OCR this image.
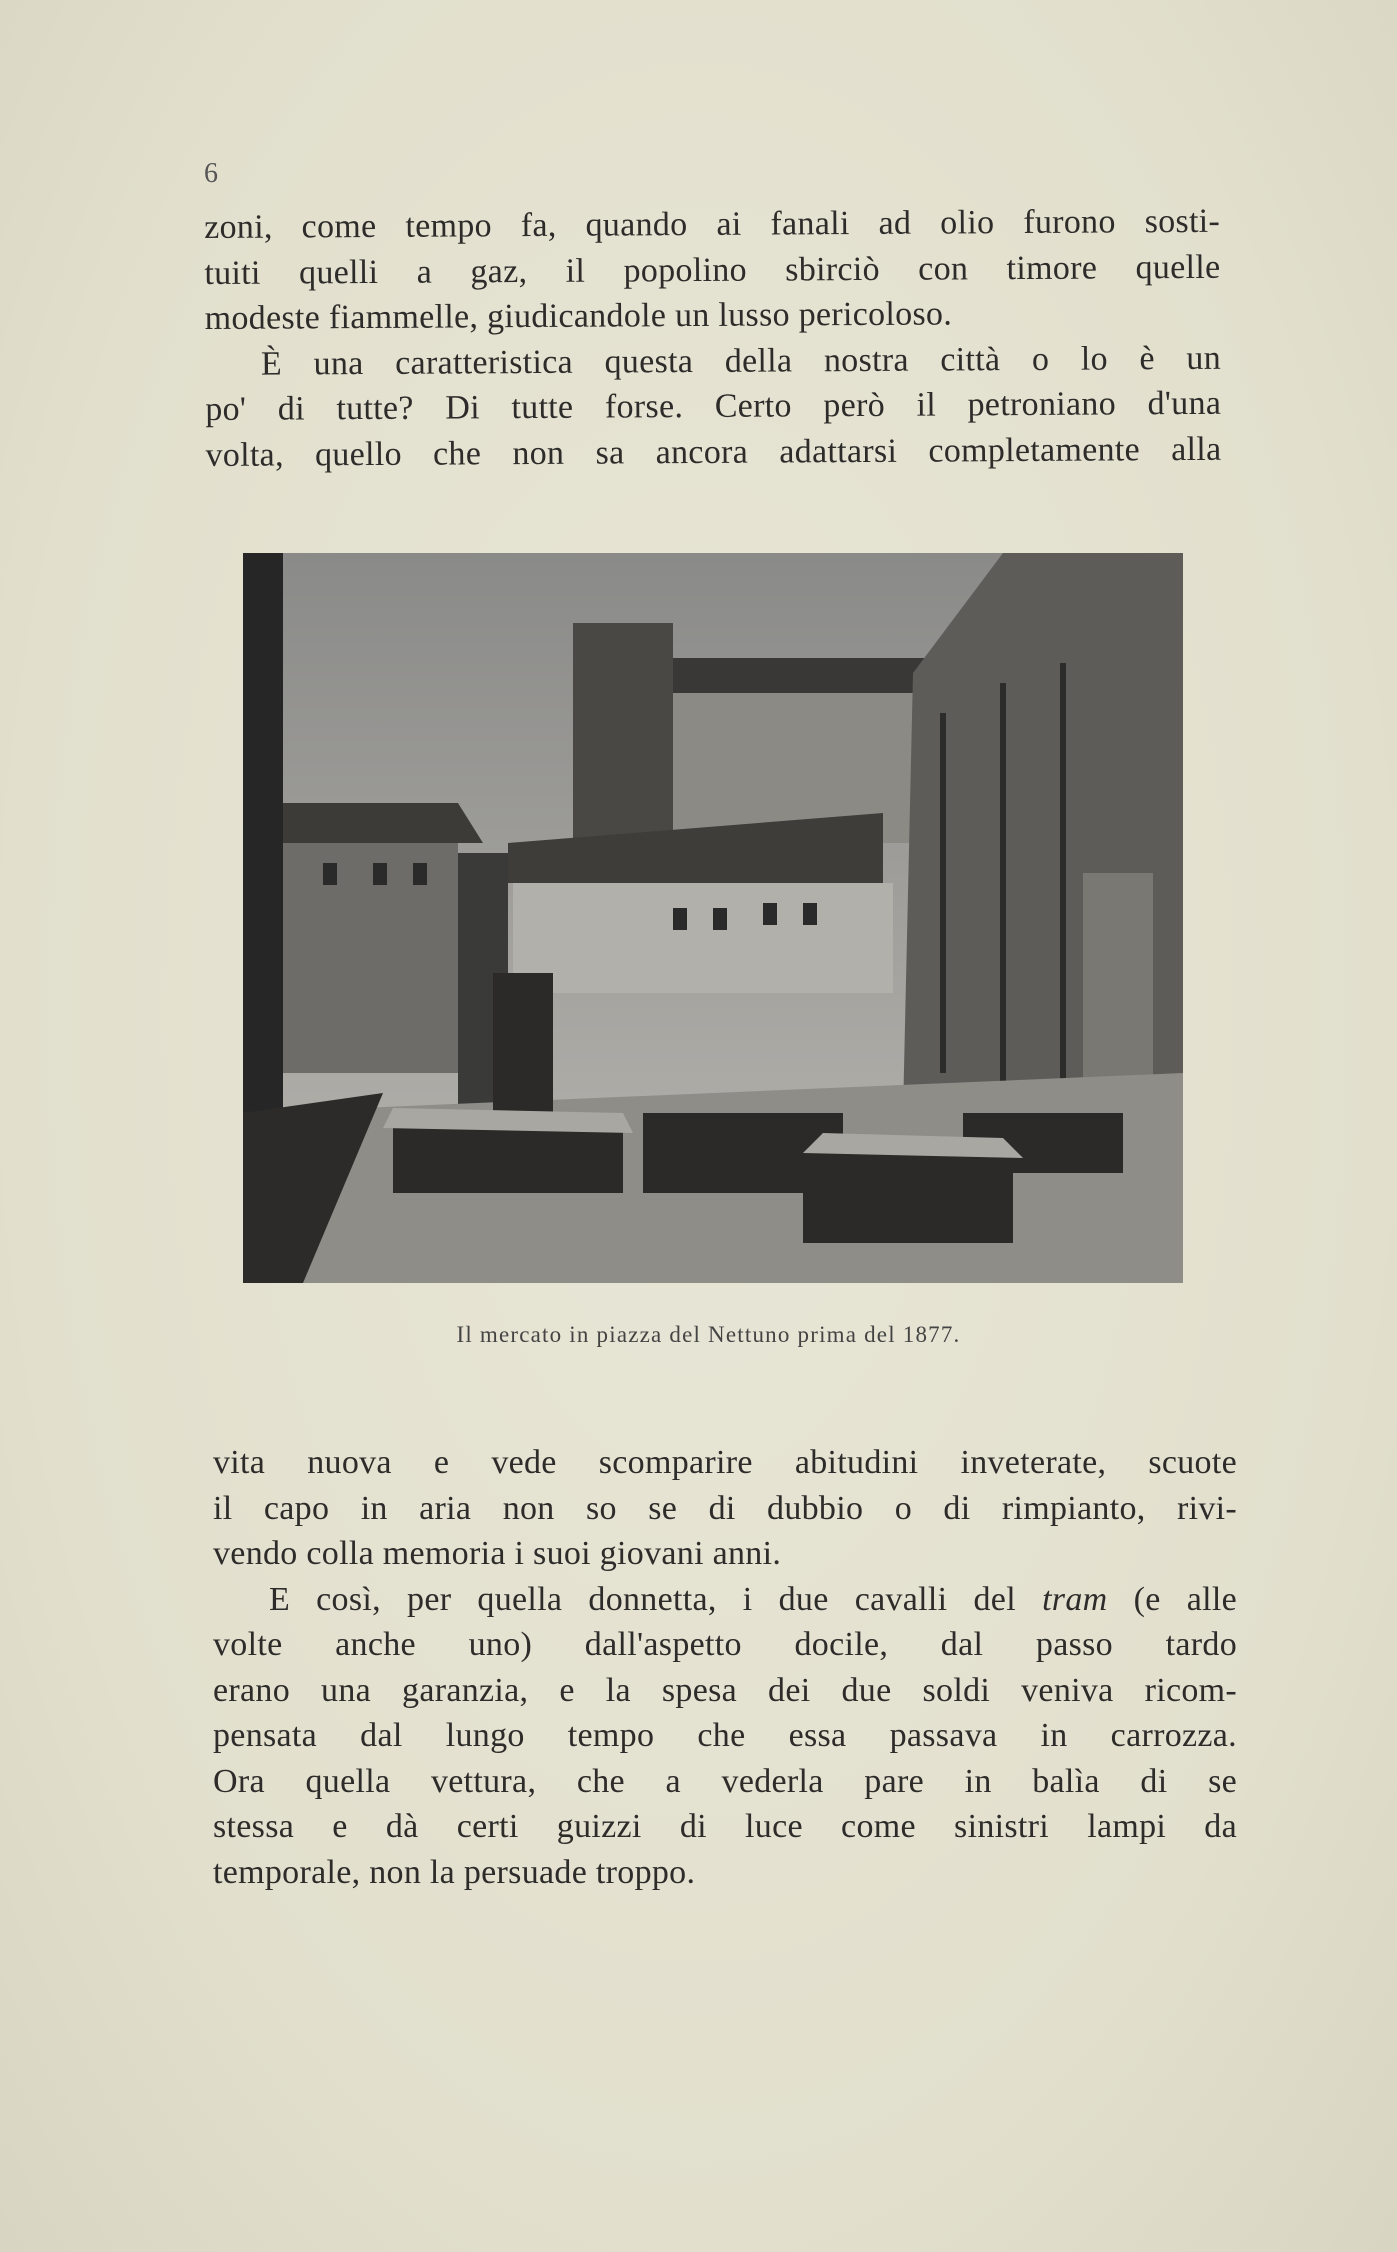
6
zoni, come tempo fa, quando ai fanali ad olio furono sosti-
tuiti quelli a gaz, il popolino sbirciò con timore quelle
modeste fiammelle, giudicandole un lusso pericoloso.
È una caratteristica questa della nostra città o lo è un
po' di tutte? Di tutte forse. Certo però il petroniano d'una
volta, quello che non sa ancora adattarsi completamente alla
Il mercato in piazza del Nettuno prima del 1877.
vita nuova e vede scomparire abitudini inveterate, scuote
il capo in aria non so se di dubbio o di rimpianto, rivi-
vendo colla memoria i suoi giovani anni.
E così, per quella donnetta, i due cavalli del tram (e alle
volte anche uno) dall'aspetto docile, dal passo tardo
erano una garanzia, e la spesa dei due soldi veniva ricom-
pensata dal lungo tempo che essa passava in carrozza.
Ora quella vettura, che a vederla pare in balìa di se
stessa e dà certi guizzi di luce come sinistri lampi da
temporale, non la persuade troppo.
